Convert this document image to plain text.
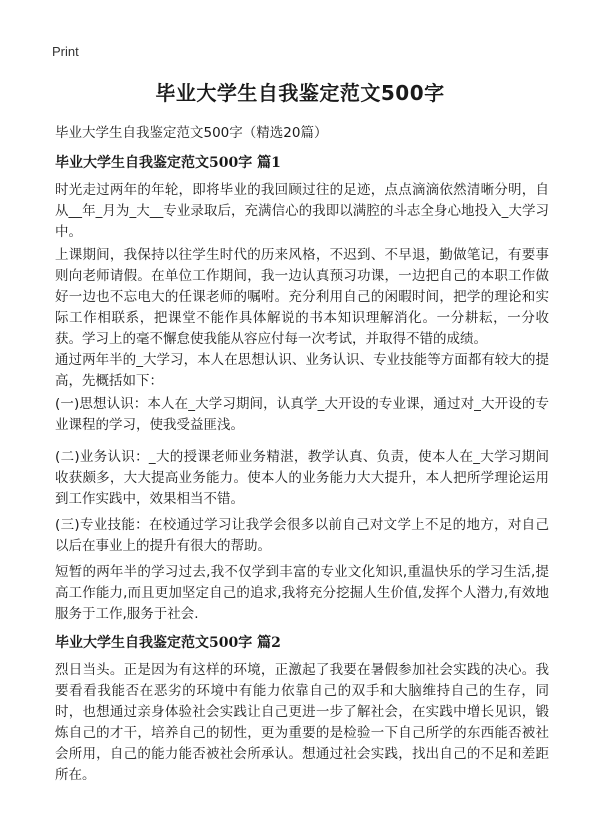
Print
毕业大学生自我鉴定范文500字

毕业大学生自我鉴定范文500字（精选20篇）

毕业大学生自我鉴定范文500字 篇1

时光走过两年的年轮，即将毕业的我回顾过往的足迹，点点滴滴依然清晰分明，自从__年_月为_大__专业录取后，充满信心的我即以满腔的斗志全身心地投入_大学习中。

上课期间，我保持以往学生时代的历来风格，不迟到、不早退，勤做笔记，有要事则向老师请假。在单位工作期间，我一边认真预习功课，一边把自己的本职工作做好一边也不忘电大的任课老师的嘱咐。充分利用自己的闲暇时间，把学的理论和实际工作相联系，把课堂不能作具体解说的书本知识理解消化。一分耕耘，一分收获。学习上的毫不懈怠使我能从容应付每一次考试，并取得不错的成绩。

通过两年半的_大学习，本人在思想认识、业务认识、专业技能等方面都有较大的提高，先概括如下：

(一)思想认识：本人在_大学习期间，认真学_大开设的专业课，通过对_大开设的专业课程的学习，使我受益匪浅。

(二)业务认识：_大的授课老师业务精湛，教学认真、负责，使本人在_大学习期间收获颇多，大大提高业务能力。使本人的业务能力大大提升，本人把所学理论运用到工作实践中，效果相当不错。

(三)专业技能：在校通过学习让我学会很多以前自己对文学上不足的地方，对自己以后在事业上的提升有很大的帮助。

短暂的两年半的学习过去,我不仅学到丰富的专业文化知识,重温快乐的学习生活,提高工作能力,而且更加坚定自己的追求,我将充分挖掘人生价值,发挥个人潜力,有效地服务于工作,服务于社会.

毕业大学生自我鉴定范文500字 篇2

烈日当头。正是因为有这样的环境，正激起了我要在暑假参加社会实践的决心。我要看看我能否在恶劣的环境中有能力依靠自己的双手和大脑维持自己的生存，同时，也想通过亲身体验社会实践让自己更进一步了解社会，在实践中增长见识，锻炼自己的才干，培养自己的韧性，更为重要的是检验一下自己所学的东西能否被社会所用，自己的能力能否被社会所承认。想通过社会实践，找出自己的不足和差距所在。
